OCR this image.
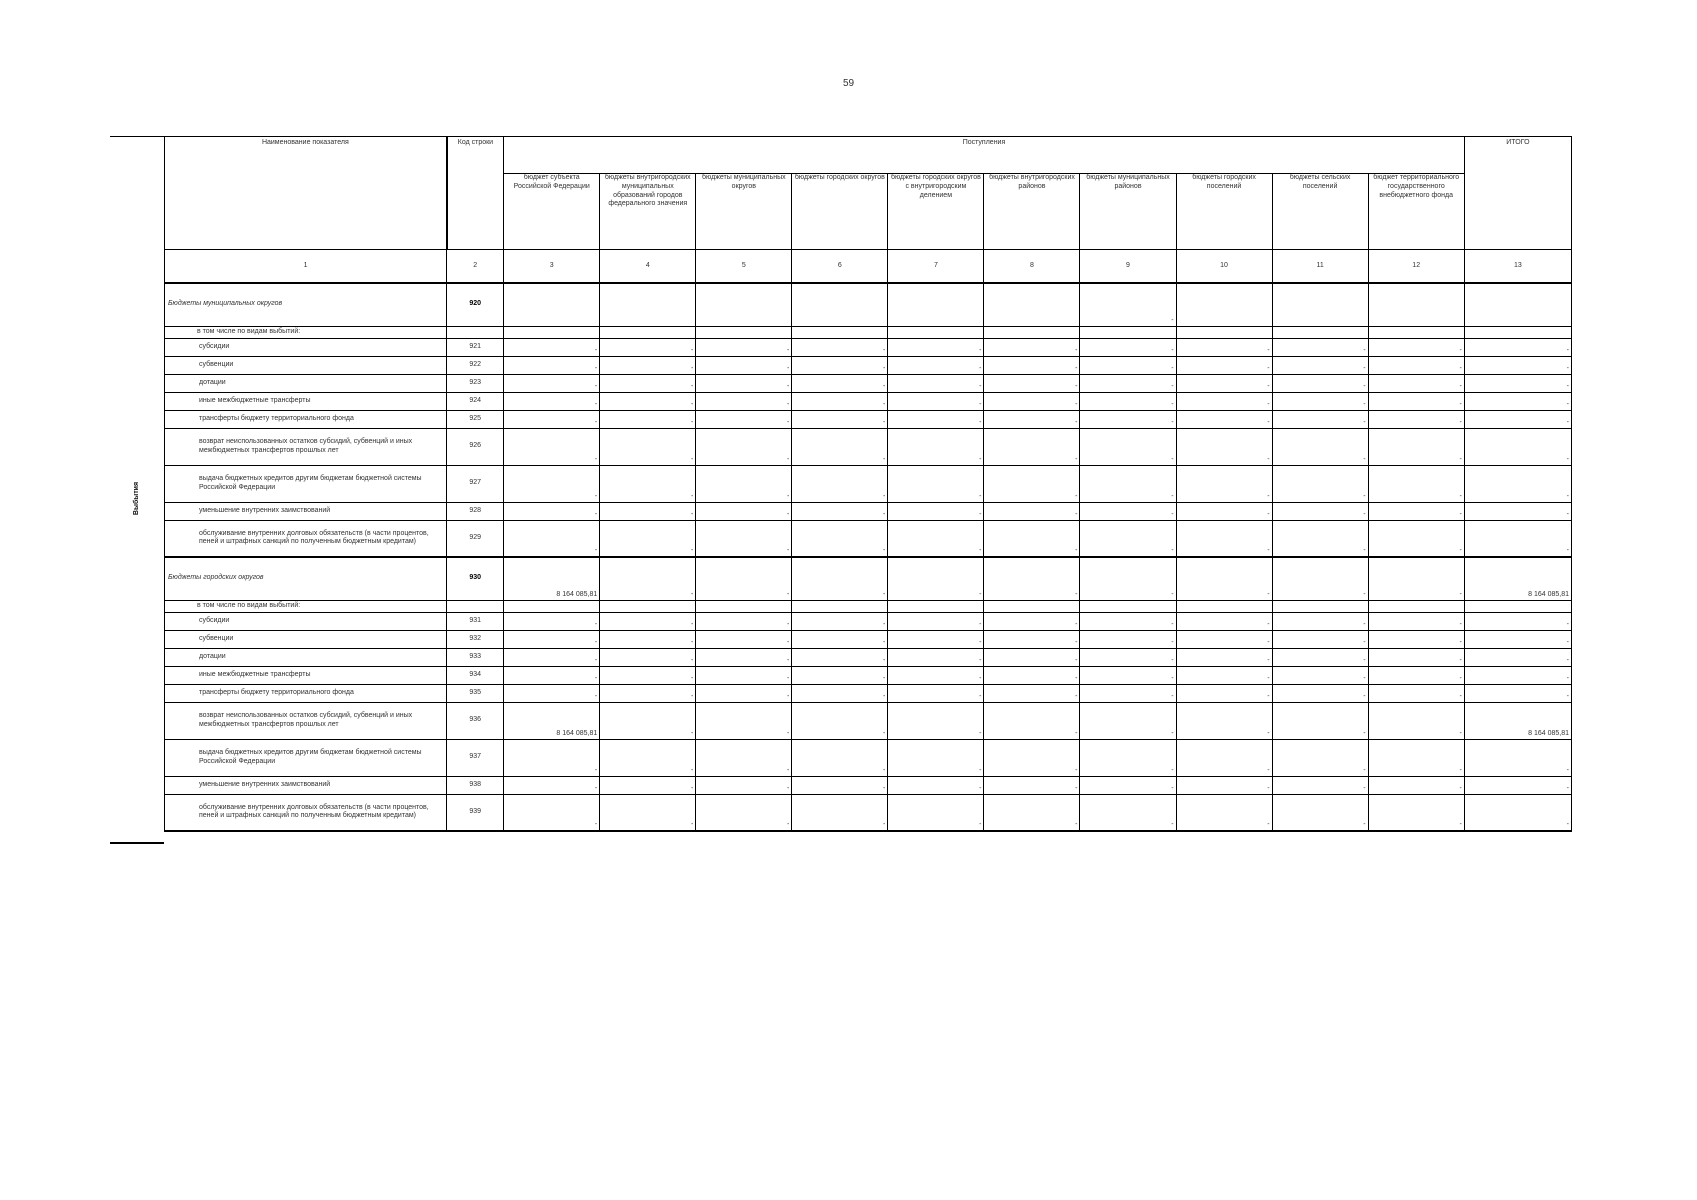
59
Выбытия
Наименование показателя	Код строки	Поступления										ИТОГО
		бюджет субъекта Российской Федерации	бюджеты внутригородских муниципальных образований городов федерального значения	бюджеты муниципальных округов	бюджеты городских округов	бюджеты городских округов с внутригородским делением	бюджеты внутригородских районов	бюджеты муниципальных районов	бюджеты городских поселений	бюджеты сельских поселений	бюджет территориального государственного внебюджетного фонда	
1	2	3	4	5	6	7	8	9	10	11	12	13
Бюджеты муниципальных округов	920							-				
в том числе по видам выбытий:												
субсидии	921	-	-	-	-	-	-	-	-	-	-	-
субвенции	922	-	-	-	-	-	-	-	-	-	-	-
дотации	923	-	-	-	-	-	-	-	-	-	-	-
иные межбюджетные трансферты	924	-	-	-	-	-	-	-	-	-	-	-
трансферты бюджету территориального фонда	925	-	-	-	-	-	-	-	-	-	-	-
возврат неиспользованных остатков субсидий, субвенций и иных межбюджетных трансфертов прошлых лет	926	-	-	-	-	-	-	-	-	-	-	-
выдача бюджетных кредитов другим бюджетам бюджетной системы Российской Федерации	927	-	-	-	-	-	-	-	-	-	-	-
уменьшение внутренних заимствований	928	-	-	-	-	-	-	-	-	-	-	-
обслуживание внутренних долговых обязательств (в части процентов, пеней и штрафных санкций по полученным бюджетным кредитам)	929	-	-	-	-	-	-	-	-	-	-	-
Бюджеты городских округов	930	8 164 085,81	-	-	-	-	-	-	-	-	-	8 164 085,81
в том числе по видам выбытий:												
субсидии	931	-	-	-	-	-	-	-	-	-	-	-
субвенции	932	-	-	-	-	-	-	-	-	-	-	-
дотации	933	-	-	-	-	-	-	-	-	-	-	-
иные межбюджетные трансферты	934	-	-	-	-	-	-	-	-	-	-	-
трансферты бюджету территориального фонда	935	-	-	-	-	-	-	-	-	-	-	-
возврат неиспользованных остатков субсидий, субвенций и иных межбюджетных трансфертов прошлых лет	936	8 164 085,81	-	-	-	-	-	-	-	-	-	8 164 085,81
выдача бюджетных кредитов другим бюджетам бюджетной системы Российской Федерации	937	-	-	-	-	-	-	-	-	-	-	-
уменьшение внутренних заимствований	938	-	-	-	-	-	-	-	-	-	-	-
обслуживание внутренних долговых обязательств (в части процентов, пеней и штрафных санкций по полученным бюджетным кредитам)	939	-	-	-	-	-	-	-	-	-	-	-
